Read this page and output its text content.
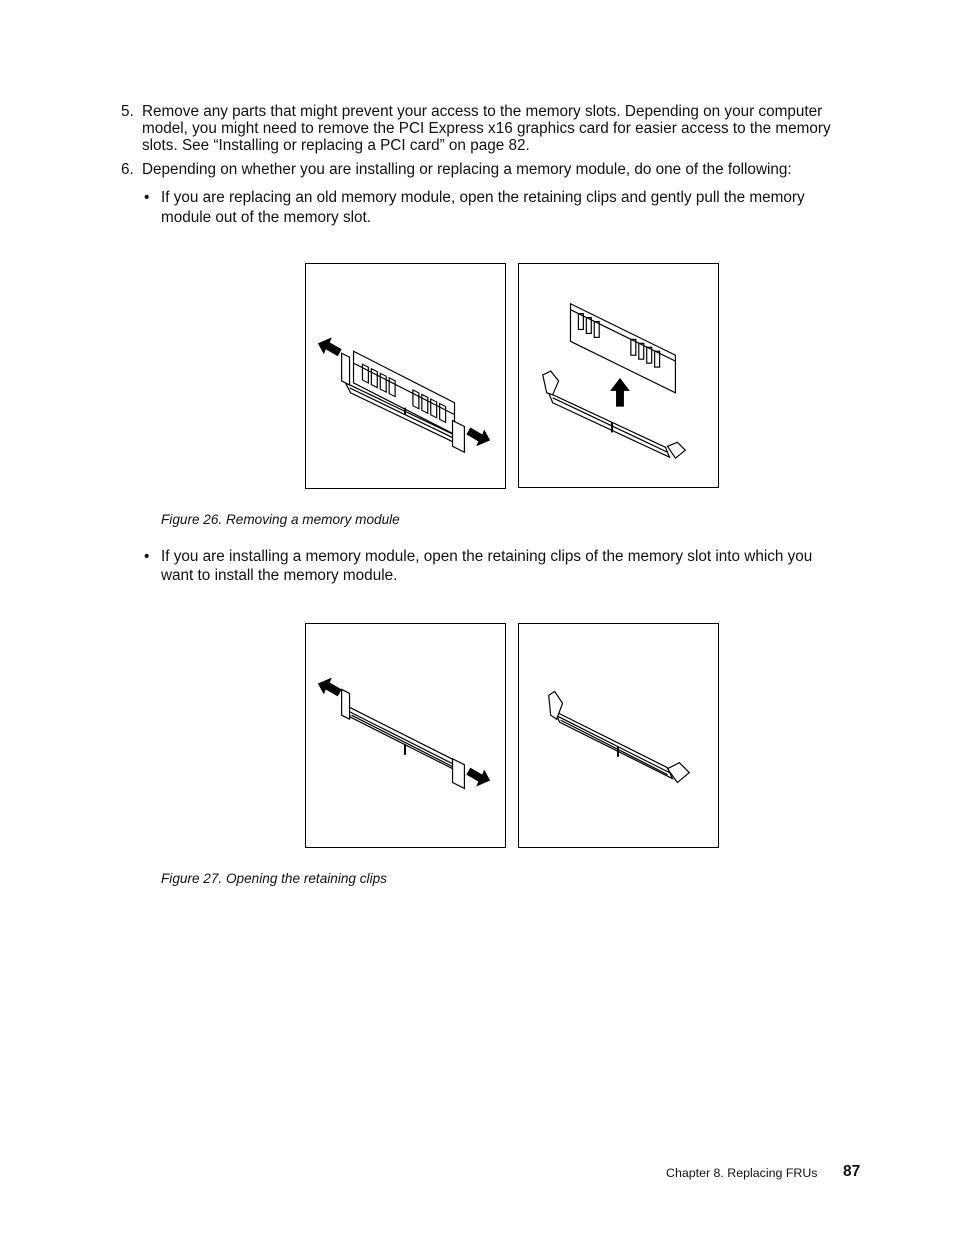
5. Remove any parts that might prevent your access to the memory slots. Depending on your computer
model, you might need to remove the PCI Express x16 graphics card for easier access to the memory
slots. See “Installing or replacing a PCI card” on page 82.
6. Depending on whether you are installing or replacing a memory module, do one of the following:
• If you are replacing an old memory module, open the retaining clips and gently pull the memory
module out of the memory slot.
Figure 26. Removing a memory module
• If you are installing a memory module, open the retaining clips of the memory slot into which you
want to install the memory module.
Figure 27. Opening the retaining clips
Chapter 8. Replacing FRUs 87
